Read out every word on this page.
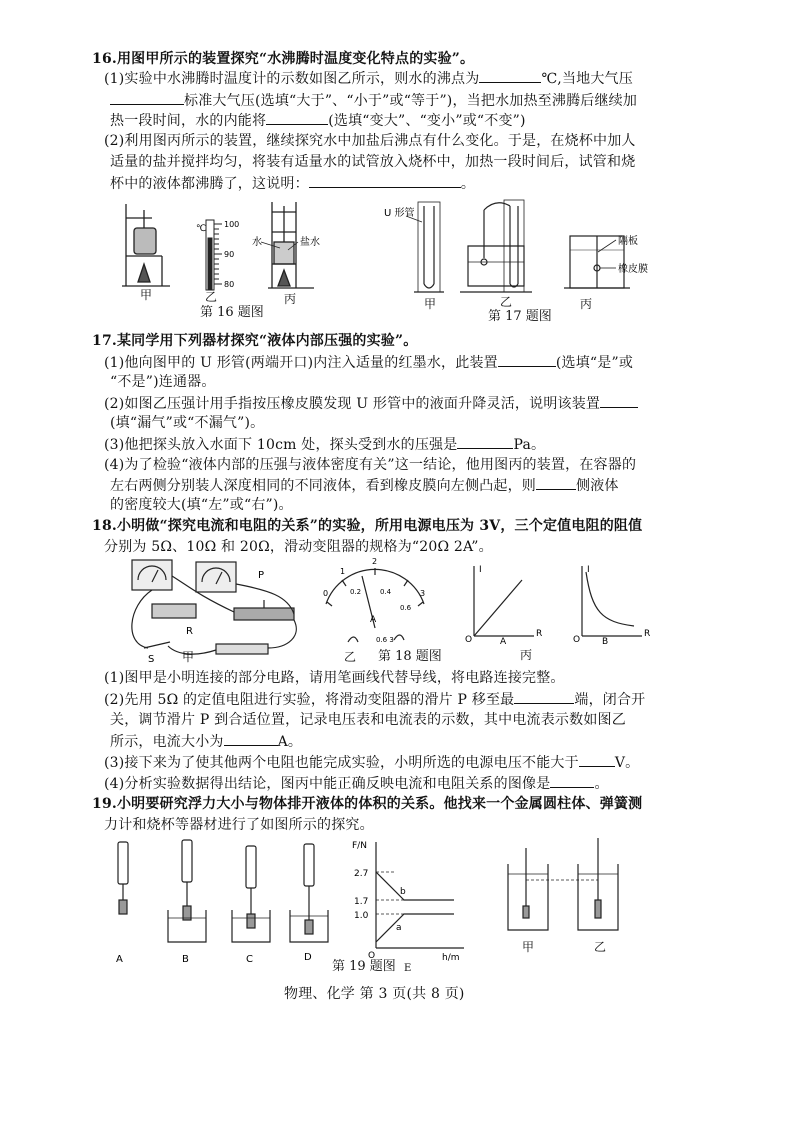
16.用图甲所示的装置探究“水沸腾时温度变化特点的实验”。
(1)实验中水沸腾时温度计的示数如图乙所示，则水的沸点为	℃,当地大气压
标准大气压(选填“大于”、“小于”或“等于”)，当把水加热至沸腾后继续加
热一段时间，水的内能将	(选填“变大”、“变小”或“不变”)
(2)利用图丙所示的装置，继续探究水中加盐后沸点有什么变化。于是，在烧杯中加人
适量的盐并搅拌均匀，将装有适量水的试管放入烧杯中，加热一段时间后，试管和烧
杯中的液体都沸腾了，这说明：	。
℃ 100
90
80
水	盐水
甲	乙	丙
第 16 题图
U 形管
隔板
橡皮膜
甲	乙	丙
第 17 题图
17.某同学用下列器材探究“液体内部压强的实验”。
(1)他向图甲的 U 形管(两端开口)内注入适量的红墨水，此装置	(选填“是”或
“不是”)连通器。
(2)如图乙压强计用手指按压橡皮膜发现 U 形管中的液面升降灵活，说明该装置
(填“漏气”或“不漏气”)。
(3)他把探头放入水面下 10cm 处，探头受到水的压强是	Pa。
(4)为了检验“液体内部的压强与液体密度有关”这一结论，他用图丙的装置，在容器的
左右两侧分别装人深度相同的不同液体，看到橡皮膜向左侧凸起，则	侧液体
的密度较大(填“左”或“右”)。
18.小明做“探究电流和电阻的关系”的实验，所用电源电压为 3V，三个定值电阻的阻值
分别为 5Ω、10Ω 和 20Ω，滑动变阻器的规格为“20Ω 2A”。
P
R
S
0
1
2
3
0.2	0.4
0.6
A
0.6 3
I
O
R
A
I
O
R
B
甲	乙 第 18 题图	丙
(1)图甲是小明连接的部分电路，请用笔画线代替导线，将电路连接完整。
(2)先用 5Ω 的定值电阻进行实验，将滑动变阻器的滑片 P 移至最	端，闭合开
关，调节滑片 P 到合适位置，记录电压表和电流表的示数，其中电流表示数如图乙
所示，电流大小为	A。
(3)接下来为了使其他两个电阻也能完成实验，小明所选的电源电压不能大于	V。
(4)分析实验数据得出结论，图丙中能正确反映电流和电阻关系的图像是	。
19.小明要研究浮力大小与物体排开液体的体积的关系。他找来一个金属圆柱体、弹簧测
力计和烧杯等器材进行了如图所示的探究。
A	B	C	D
F/N
2.7
1.7
1.0
O	h/m
b
a
第 19 题图 E
甲	乙
物理、化学 第 3 页(共 8 页)
